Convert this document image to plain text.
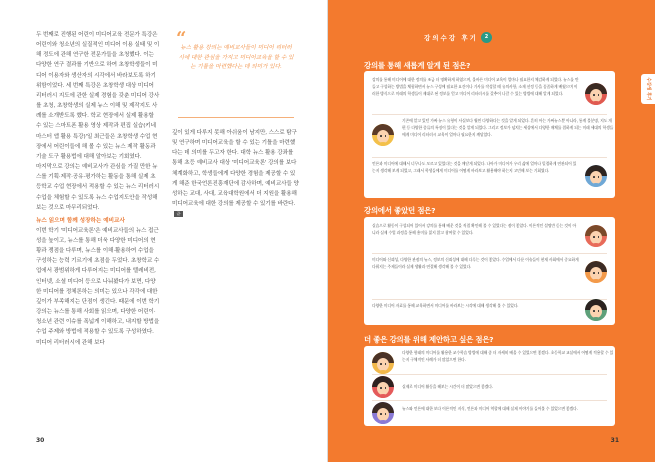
두 번째로 진행된 어린이 미디어교육 전문가 특강은 어린이와 청소년의 실질적인 미디어 이용 실태 및 이해 정도에 관해 연구한 전문가들을 초청했다. 이는 다양한 연구 결과를 기반으로 하여 초창학생들이 미디어 이용자와 생산자의 시각에서 바라보도록 하기 위함이었다. 세 번째 특강은 초창학생 대상 미디어 리터러시 지도에 관한 실제 경험을 갖춘 미디어 강사를 초청, 초창학생의 실제 뉴스 이해 및 제작지도 사례를 소개받도록 했다. 학교 현장에서 실제 활용할 수 있는 스마트폰 활용 영상 제작과 편집 실습(키네마스터 앱 활용 특강)'일 최근들은 초창학생 수업 현장에서 어린이들에 해 볼 수 있는 뉴스 제작 활동과 기술 도구 활용법에 대해 알아보는 기회였다.

마지막으로 강의는 예비교사가 관심을 가질 만한 뉴스를 기획·제작·공유·평가하는 활동을 통해 실제 초등학교 수업 현장에서 적용할 수 있는 뉴스 리터러시 수업을 체험할 수 있도록 뉴스 수업지도안을 작성해 보는 것으로 마무리되었다.

뉴스 읽으며 함께 성장하는 예비교사
이번 학기 '미디어교육론'은 예비교사들의 뉴스 접근성을 높이고, 뉴스를 통해 더욱 다양한 미디어의 현황과 쟁점을 다루며, 뉴스를 이해·활용하여 수업을 구성하는 능력 기르기에 초점을 두었다. 초창학교 수업에서 광범위하게 다루어지는 미디어를 텔레비전, 인터넷, 소셜 미디어 등으로 나눠봤다가 보면, 다양한 미디어를 정체론하는 의미는 있으나 각각에 대한 깊이가 부족해지는 단점이 생긴다. 때문에 이번 학기 강의는 뉴스를 통해 사회를 읽으며, 다양한 어린이·청소년 관련 이슈를 폭넓게 이해하고, 내지할 방법을 수업 주제와 방법에 적용할 수 있도록 구성하였다. 미디어 리터러시에 관해 보다
“
뉴스 활용 강의는 예비교사들이 미디어 리터러시에 대한 관심을 가지고 미디어교육을 할 수 있는 기틀을 마련했다는 데 의미가 있다.
깊이 있게 다루지 못해 아쉬움이 남지만, 스스로 탐구 및 연구하며 미디어교육을 할 수 있는 기틀을 마련했다는 데 의미를 두고자 한다. 대학 뉴스 활용 강좌를 통해 초등 예비교사 대상 '미디어교육론' 강의를 보다 체계화하고, 학생들에게 다양한 경험을 제공할 수 있게 해준 한국언론진흥재단에 감사하며, 예비교사들 양성하는 교대, 사대, 교육대학원에서 더 지원을 활용해 미디어교육에 대한 강의를 제공할 수 있기를 바란다.끝
30
강의수강 후기	2
수강생 후기
강의를 통해 새롭게 알게 된 점은?
강의를 통해 미디어에 대한 정의를 조금 더 명확하게 하였으며, 올바른 미디어 교육이 얼마나 필요한지 체감하게 되었다. 뉴스를 만들고 구성하는 방법을 체험하면서 뉴스 구성에 필요한 요건이나 기사를 작성할 때 유의사항, 소재 선정 등을 꼼꼼하게 배웠으며 이러한 방식으로 미래의 학생들이 제대로 된 정보를 얻고 미디어 리터러시를 갖추어 나갈 수 있는 방법에 대해 알게 되었다.
기존에 알고 있던 가짜 뉴스 유형이 사실보다 훨씬 다양하다는 것을 알게 되었다. 흔히 아는 가짜뉴스뿐 아니라, 통계 불분명, 지도 개편 등 다양한 종류의 특징이 있다는 것을 알게 되었다. 그리고 정보가 넘치는 세상에서 다양한 매체를 접하게 되는 미래 세대의 학생들에게 미디어 리터러시 교육이 얼마나 필요한지 깨달았다.
언론과 미디어에 대해서 너무나도 모르고 있었다는 것을 깨닫게 되었다. 나아가 미디어가 우리 삶에 얼마나 밀접하게 연관되어 있는지 생각해 보게 되었고, 그래서 학생들에게 미디어를 어떻게 바라보고 활용해야 하는지 고민해 보는 기회였다.
강의에서 좋았던 점은?
실습으로 활동이 구성되어 있어서 강의를 통해 배운 것을 직접 확인해 볼 수 있었다는 점이 좋았다. 이론적인 설명만 듣는 것이 아니라 실제 수업 과정을 통해 흥미를 잃지 않고 참여할 수 있었다.
미디어와 신뢰성, 다양한 관점의 뉴스, 정보의 신뢰성에 대해 다루는 것이 좋았다. 수업에서 다룬 이슈들이 현재 사회에서 중요하게 다뤄지는 주제들이라 실제 생활과 연결해 생각해 볼 수 있었다.
다양한 미디어 자료를 통해 교육하면서 미디어를 바라보는 시각에 대해 생각해 볼 수 있었다.
더 좋은 강의를 위해 제안하고 싶은 점은?
다양한 형태의 미디어를 활용한 교수학습 방법에 대해 좀 더 자세히 배울 수 있었으면 좋겠다. 초등학교 교실에서 어떻게 적용할 수 있는지 구체적인 사례가 더 많았으면 한다.
실제로 미디어 활동을 해보는 시간이 더 많았으면 좋겠다.
뉴스와 언론에 대한 보다 이론적인 지식, 언론과 미디어 역할에 대해 실제 이야기를 들어볼 수 있었으면 좋겠다.
31
